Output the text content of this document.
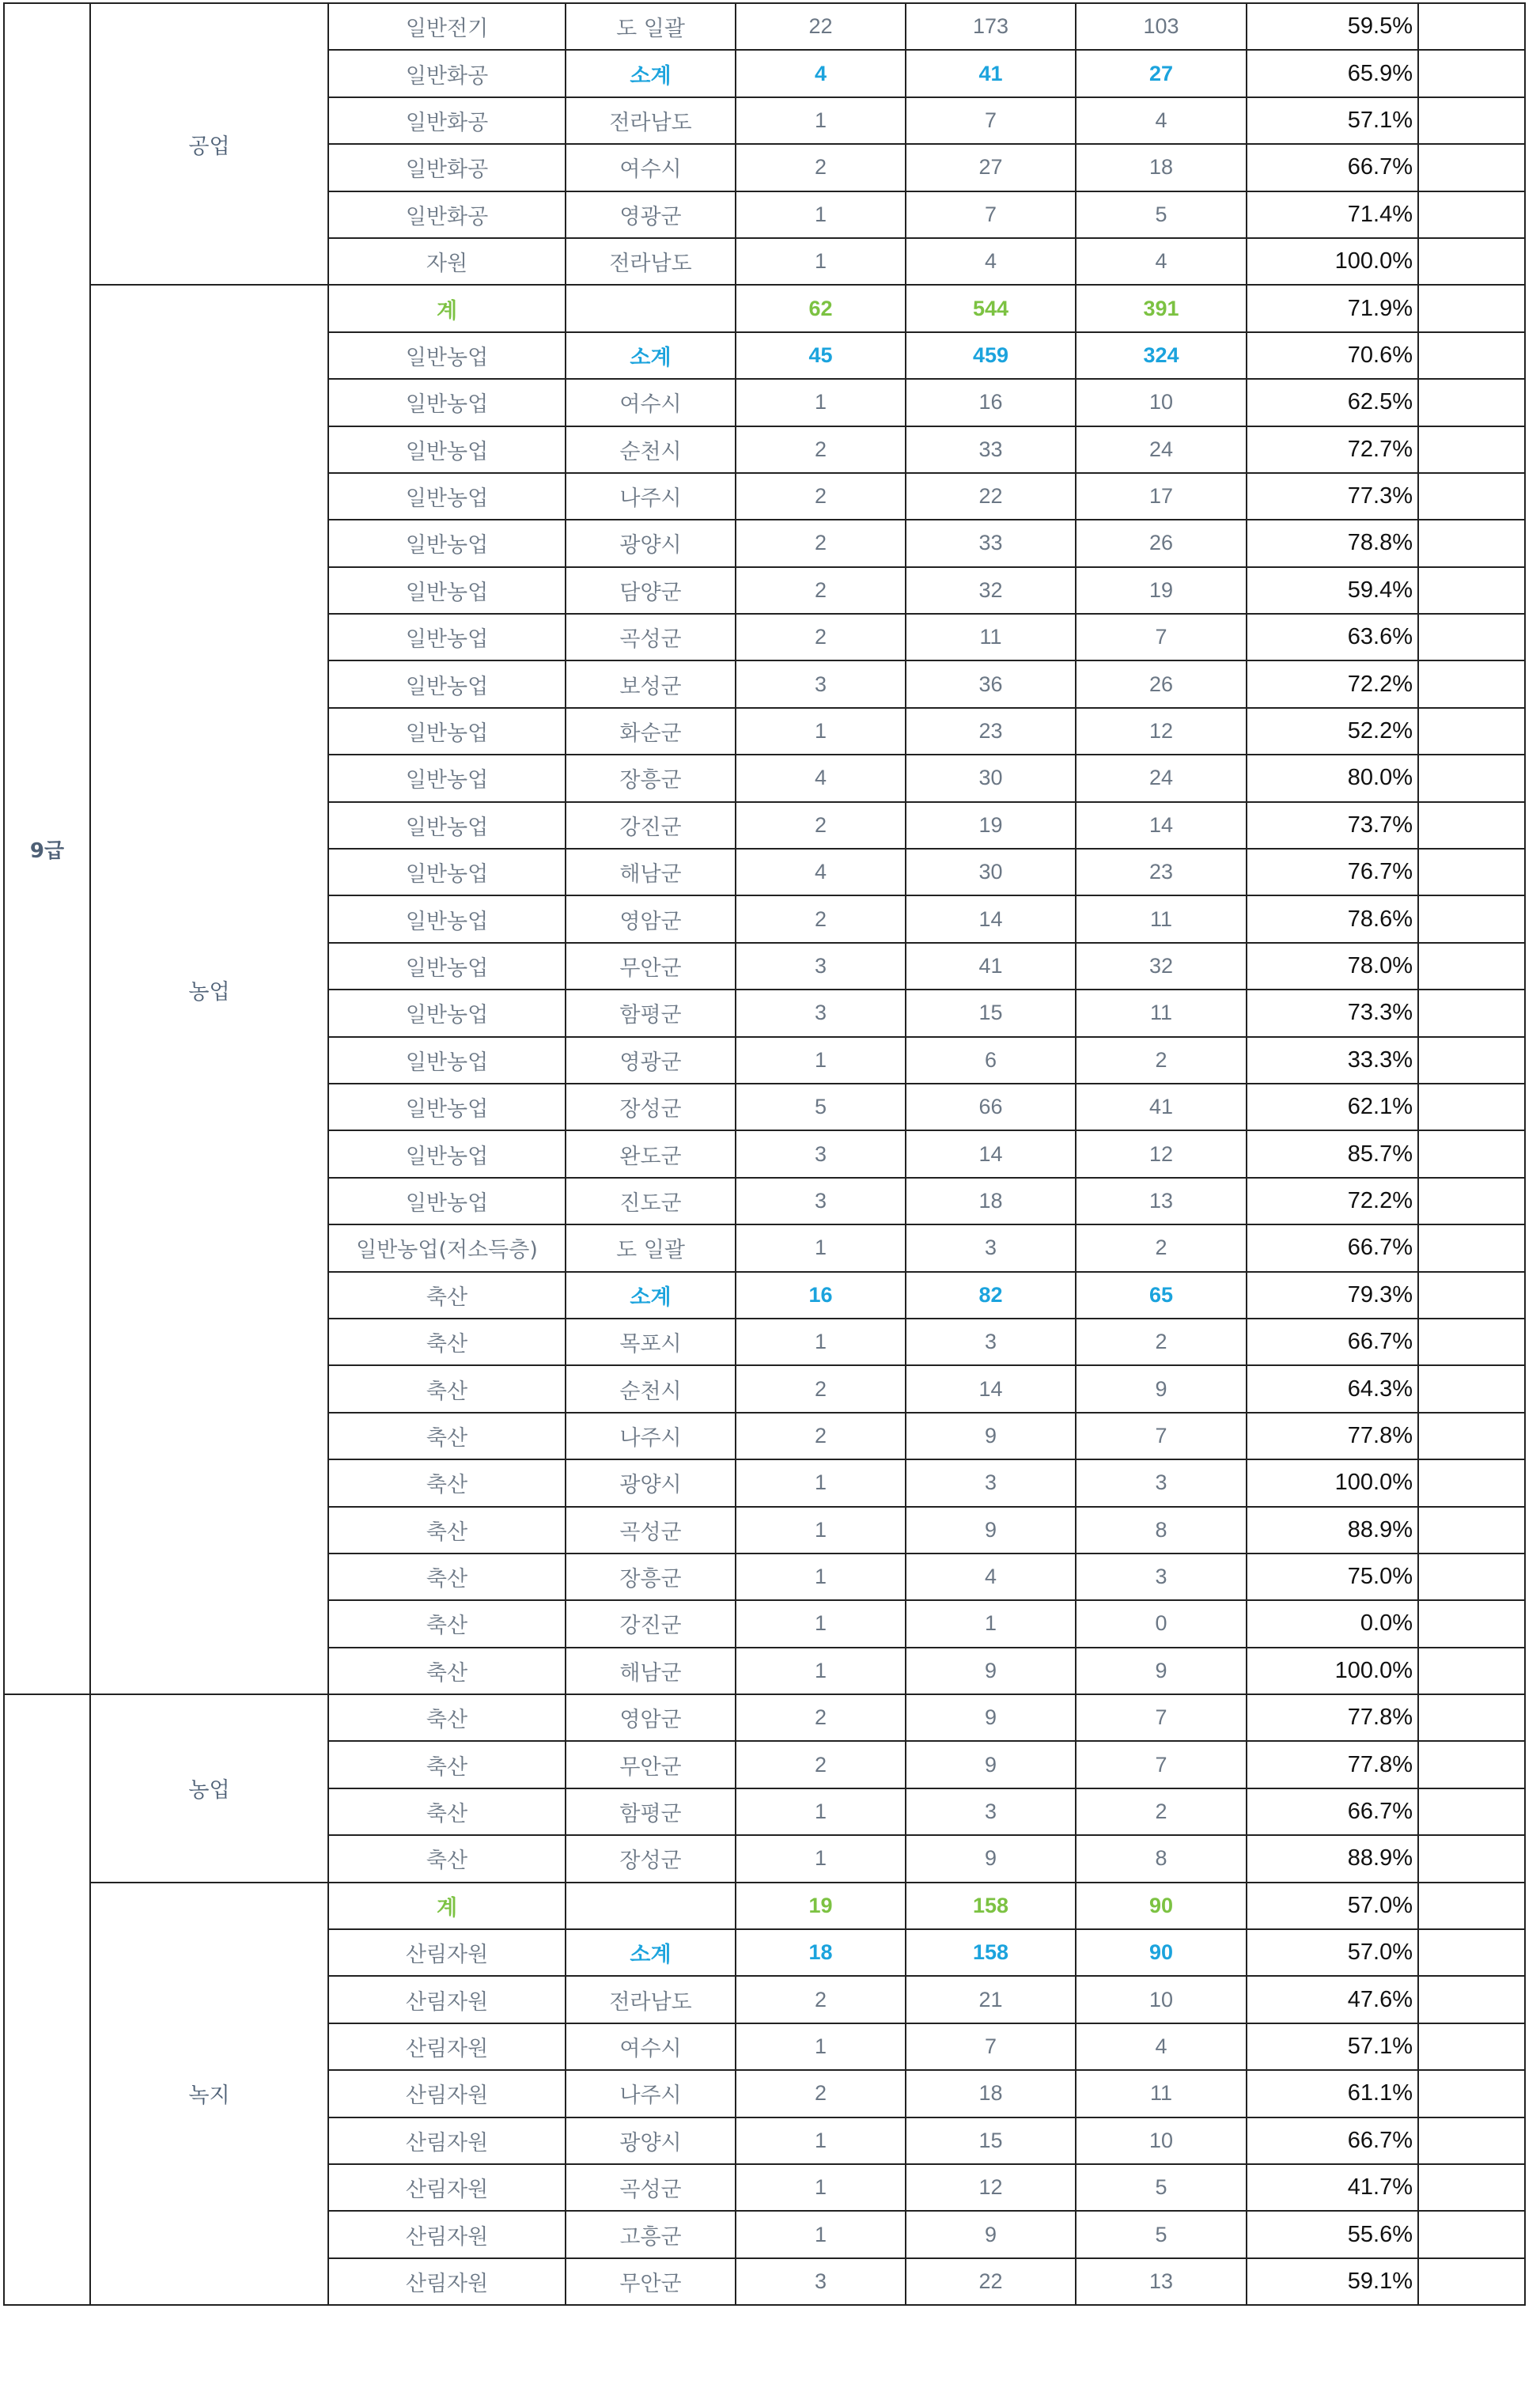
9급	공업	일반전기	도 일괄	22	173	103	59.5%	
		일반화공	소계	4	41	27	65.9%	
		일반화공	전라남도	1	7	4	57.1%	
		일반화공	여수시	2	27	18	66.7%	
		일반화공	영광군	1	7	5	71.4%	
		자원	전라남도	1	4	4	100.0%	
	농업	계		62	544	391	71.9%	
		일반농업	소계	45	459	324	70.6%	
		일반농업	여수시	1	16	10	62.5%	
		일반농업	순천시	2	33	24	72.7%	
		일반농업	나주시	2	22	17	77.3%	
		일반농업	광양시	2	33	26	78.8%	
		일반농업	담양군	2	32	19	59.4%	
		일반농업	곡성군	2	11	7	63.6%	
		일반농업	보성군	3	36	26	72.2%	
		일반농업	화순군	1	23	12	52.2%	
		일반농업	장흥군	4	30	24	80.0%	
		일반농업	강진군	2	19	14	73.7%	
		일반농업	해남군	4	30	23	76.7%	
		일반농업	영암군	2	14	11	78.6%	
		일반농업	무안군	3	41	32	78.0%	
		일반농업	함평군	3	15	11	73.3%	
		일반농업	영광군	1	6	2	33.3%	
		일반농업	장성군	5	66	41	62.1%	
		일반농업	완도군	3	14	12	85.7%	
		일반농업	진도군	3	18	13	72.2%	
		일반농업(저소득층)	도 일괄	1	3	2	66.7%	
		축산	소계	16	82	65	79.3%	
		축산	목포시	1	3	2	66.7%	
		축산	순천시	2	14	9	64.3%	
		축산	나주시	2	9	7	77.8%	
		축산	광양시	1	3	3	100.0%	
		축산	곡성군	1	9	8	88.9%	
		축산	장흥군	1	4	3	75.0%	
		축산	강진군	1	1	0	0.0%	
		축산	해남군	1	9	9	100.0%	
	농업	축산	영암군	2	9	7	77.8%	
		축산	무안군	2	9	7	77.8%	
		축산	함평군	1	3	2	66.7%	
		축산	장성군	1	9	8	88.9%	
	녹지	계		19	158	90	57.0%	
		산림자원	소계	18	158	90	57.0%	
		산림자원	전라남도	2	21	10	47.6%	
		산림자원	여수시	1	7	4	57.1%	
		산림자원	나주시	2	18	11	61.1%	
		산림자원	광양시	1	15	10	66.7%	
		산림자원	곡성군	1	12	5	41.7%	
		산림자원	고흥군	1	9	5	55.6%	
		산림자원	무안군	3	22	13	59.1%	
